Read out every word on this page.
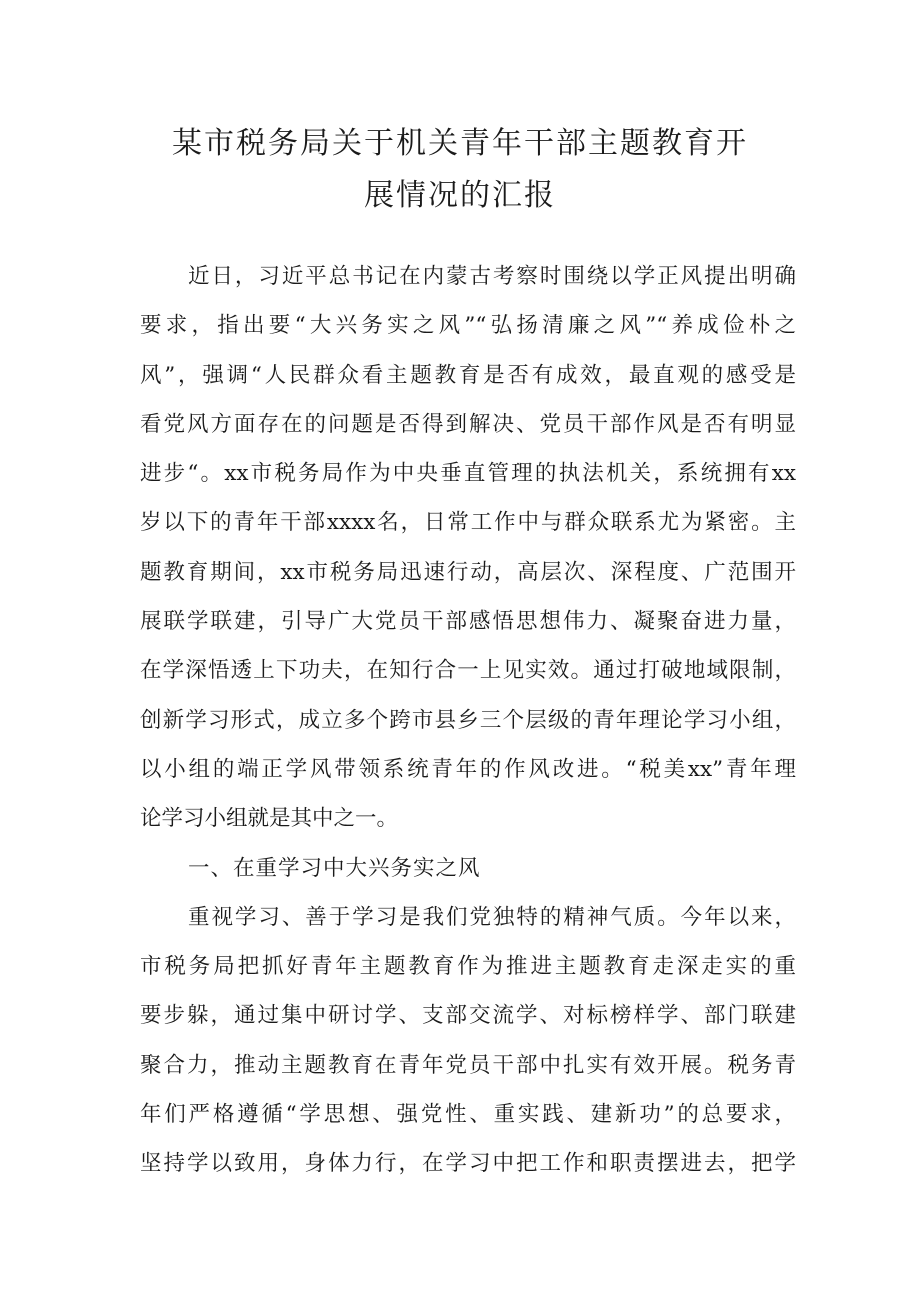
某市税务局关于机关青年干部主题教育开
展情况的汇报
近日，习近平总书记在内蒙古考察时围绕以学正风提出明确
要求，指出要“大兴务实之风”“弘扬清廉之风”“养成俭朴之
风”，强调“人民群众看主题教育是否有成效，最直观的感受是
看党风方面存在的问题是否得到解决、党员干部作风是否有明显
进步“。xx市税务局作为中央垂直管理的执法机关，系统拥有xx
岁以下的青年干部xxxx名，日常工作中与群众联系尤为紧密。主
题教育期间，xx市税务局迅速行动，高层次、深程度、广范围开
展联学联建，引导广大党员干部感悟思想伟力、凝聚奋进力量，
在学深悟透上下功夫，在知行合一上见实效。通过打破地域限制，
创新学习形式，成立多个跨市县乡三个层级的青年理论学习小组，
以小组的端正学风带领系统青年的作风改进。“税美xx”青年理
论学习小组就是其中之一。
一、在重学习中大兴务实之风
重视学习、善于学习是我们党独特的精神气质。今年以来，
市税务局把抓好青年主题教育作为推进主题教育走深走实的重
要步躲，通过集中研讨学、支部交流学、对标榜样学、部门联建
聚合力，推动主题教育在青年党员干部中扎实有效开展。税务青
年们严格遵循“学思想、强党性、重实践、建新功”的总要求，
坚持学以致用，身体力行，在学习中把工作和职责摆进去，把学
